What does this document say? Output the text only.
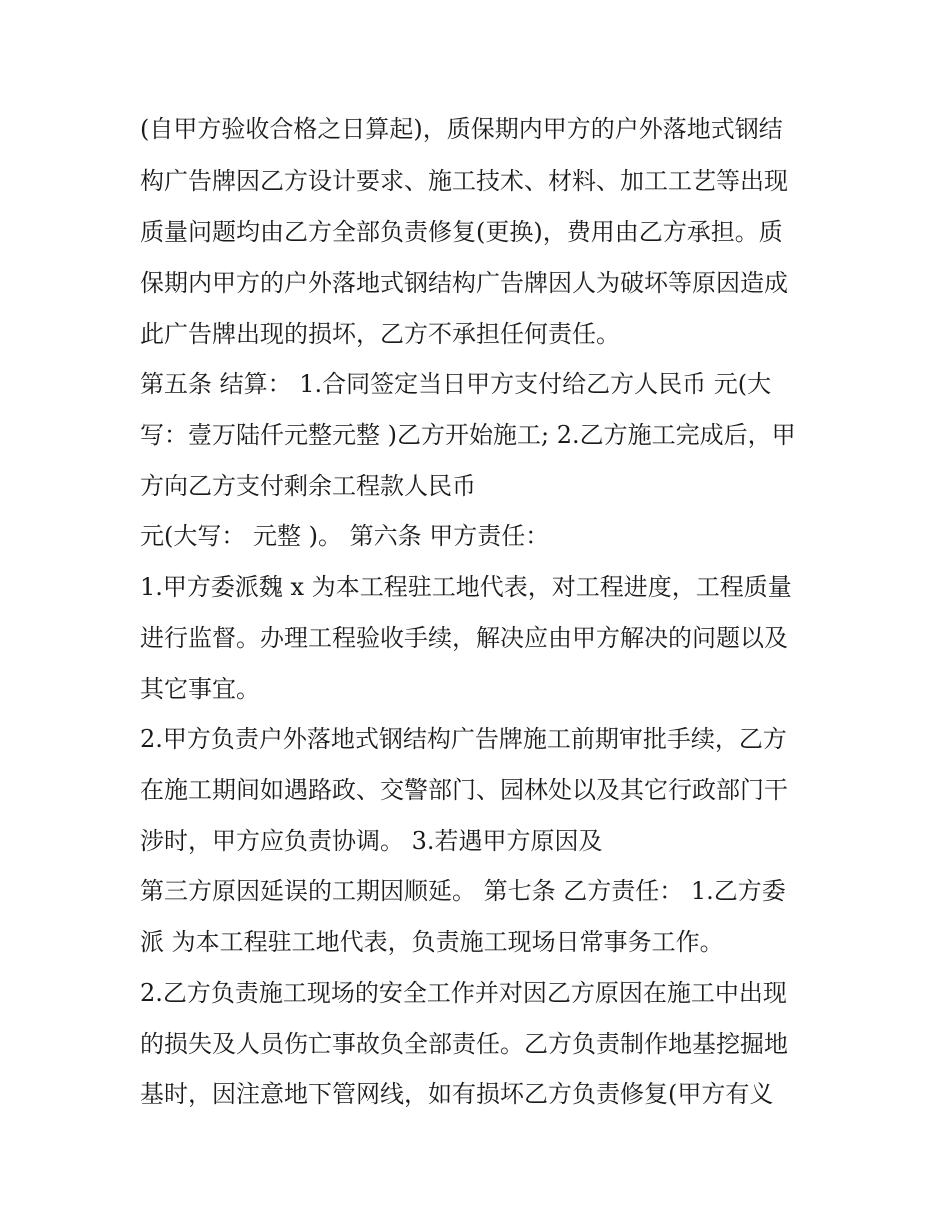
(自甲方验收合格之日算起)，质保期内甲方的户外落地式钢结
构广告牌因乙方设计要求、施工技术、材料、加工工艺等出现
质量问题均由乙方全部负责修复(更换)，费用由乙方承担。质
保期内甲方的户外落地式钢结构广告牌因人为破坏等原因造成
此广告牌出现的损坏，乙方不承担任何责任。
第五条 结算： 1.合同签定当日甲方支付给乙方人民币 元(大
写：壹万陆仟元整元整 )乙方开始施工; 2.乙方施工完成后，甲
方向乙方支付剩余工程款人民币
元(大写： 元整 )。 第六条 甲方责任：
1.甲方委派魏 x 为本工程驻工地代表，对工程进度，工程质量
进行监督。办理工程验收手续，解决应由甲方解决的问题以及
其它事宜。
2.甲方负责户外落地式钢结构广告牌施工前期审批手续，乙方
在施工期间如遇路政、交警部门、园林处以及其它行政部门干
涉时，甲方应负责协调。 3.若遇甲方原因及
第三方原因延误的工期因顺延。 第七条 乙方责任： 1.乙方委
派 为本工程驻工地代表，负责施工现场日常事务工作。
2.乙方负责施工现场的安全工作并对因乙方原因在施工中出现
的损失及人员伤亡事故负全部责任。乙方负责制作地基挖掘地
基时，因注意地下管网线，如有损坏乙方负责修复(甲方有义
